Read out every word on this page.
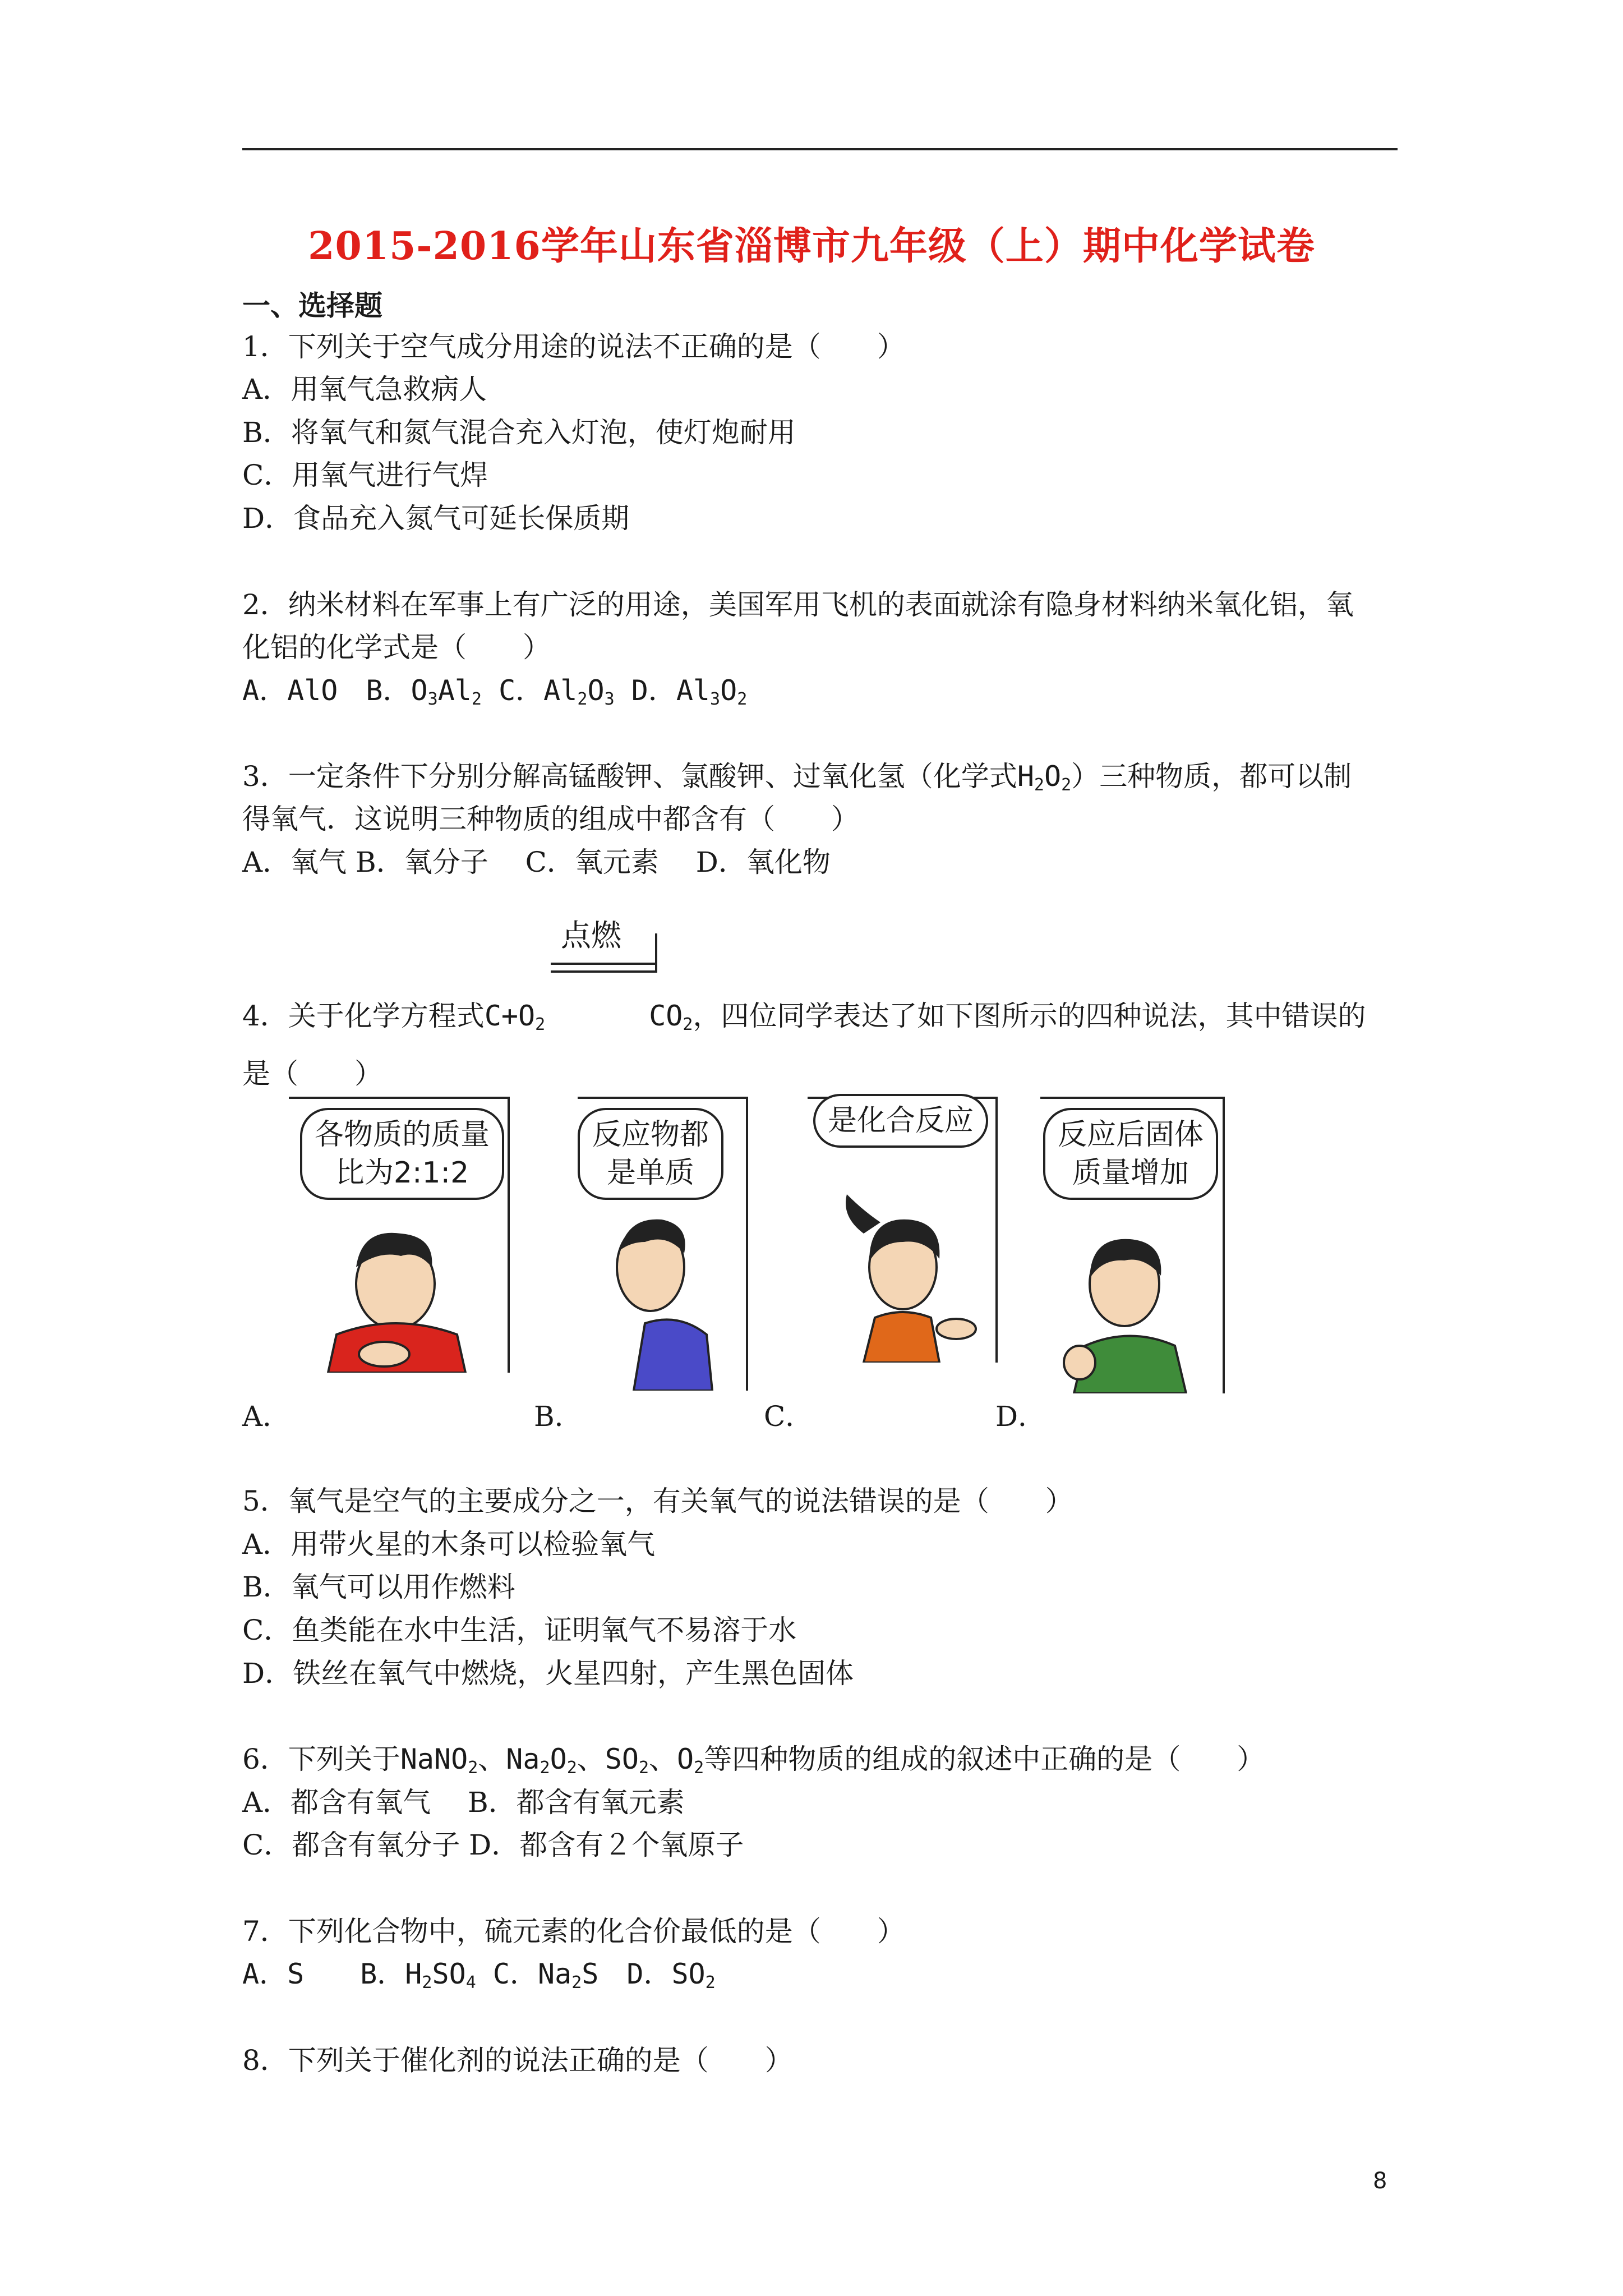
2015-2016学年山东省淄博市九年级（上）期中化学试卷
一、选择题
1．下列关于空气成分用途的说法不正确的是（　　）
A．用氧气急救病人
B．将氧气和氮气混合充入灯泡，使灯炮耐用
C．用氧气进行气焊
D．食品充入氮气可延长保质期
2．纳米材料在军事上有广泛的用途，美国军用飞机的表面就涂有隐身材料纳米氧化铝，氧
化铝的化学式是（　　）
A．AlO　B．$O_3Al_2$ C．$Al_2O_3$ D．$Al_3O_2$
3．一定条件下分别分解高锰酸钾、氯酸钾、过氧化氢（化学式$H_2O_2$）三种物质，都可以制
得氧气．这说明三种物质的组成中都含有（　　）
A．氧气 B．氧分子　 C．氧元素　 D．氧化物
点燃
4．关于化学方程式$C+O_2$	$CO_2$，四位同学表达了如下图所示的四种说法，其中错误的
是（　　）
各物质的质量
比为2:1:2
反应物都
是单质
是化合反应	反应后固体
质量增加
A．	B．	C．	D．
5．氧气是空气的主要成分之一，有关氧气的说法错误的是（　　）
A．用带火星的木条可以检验氧气
B．氧气可以用作燃料
C．鱼类能在水中生活，证明氧气不易溶于水
D．铁丝在氧气中燃烧，火星四射，产生黑色固体
6．下列关于NaNO$_2$、$Na_2O_2$、$SO_2$、$O_2$等四种物质的组成的叙述中正确的是（　　）
A．都含有氧气　 B．都含有氧元素
C．都含有氧分子 D．都含有２个氧原子
7．下列化合物中，硫元素的化合价最低的是（　　）
A．S　　B．$H_2SO_4$ C．$Na_2S$　D．$SO_2$
8．下列关于催化剂的说法正确的是（　　）
8
